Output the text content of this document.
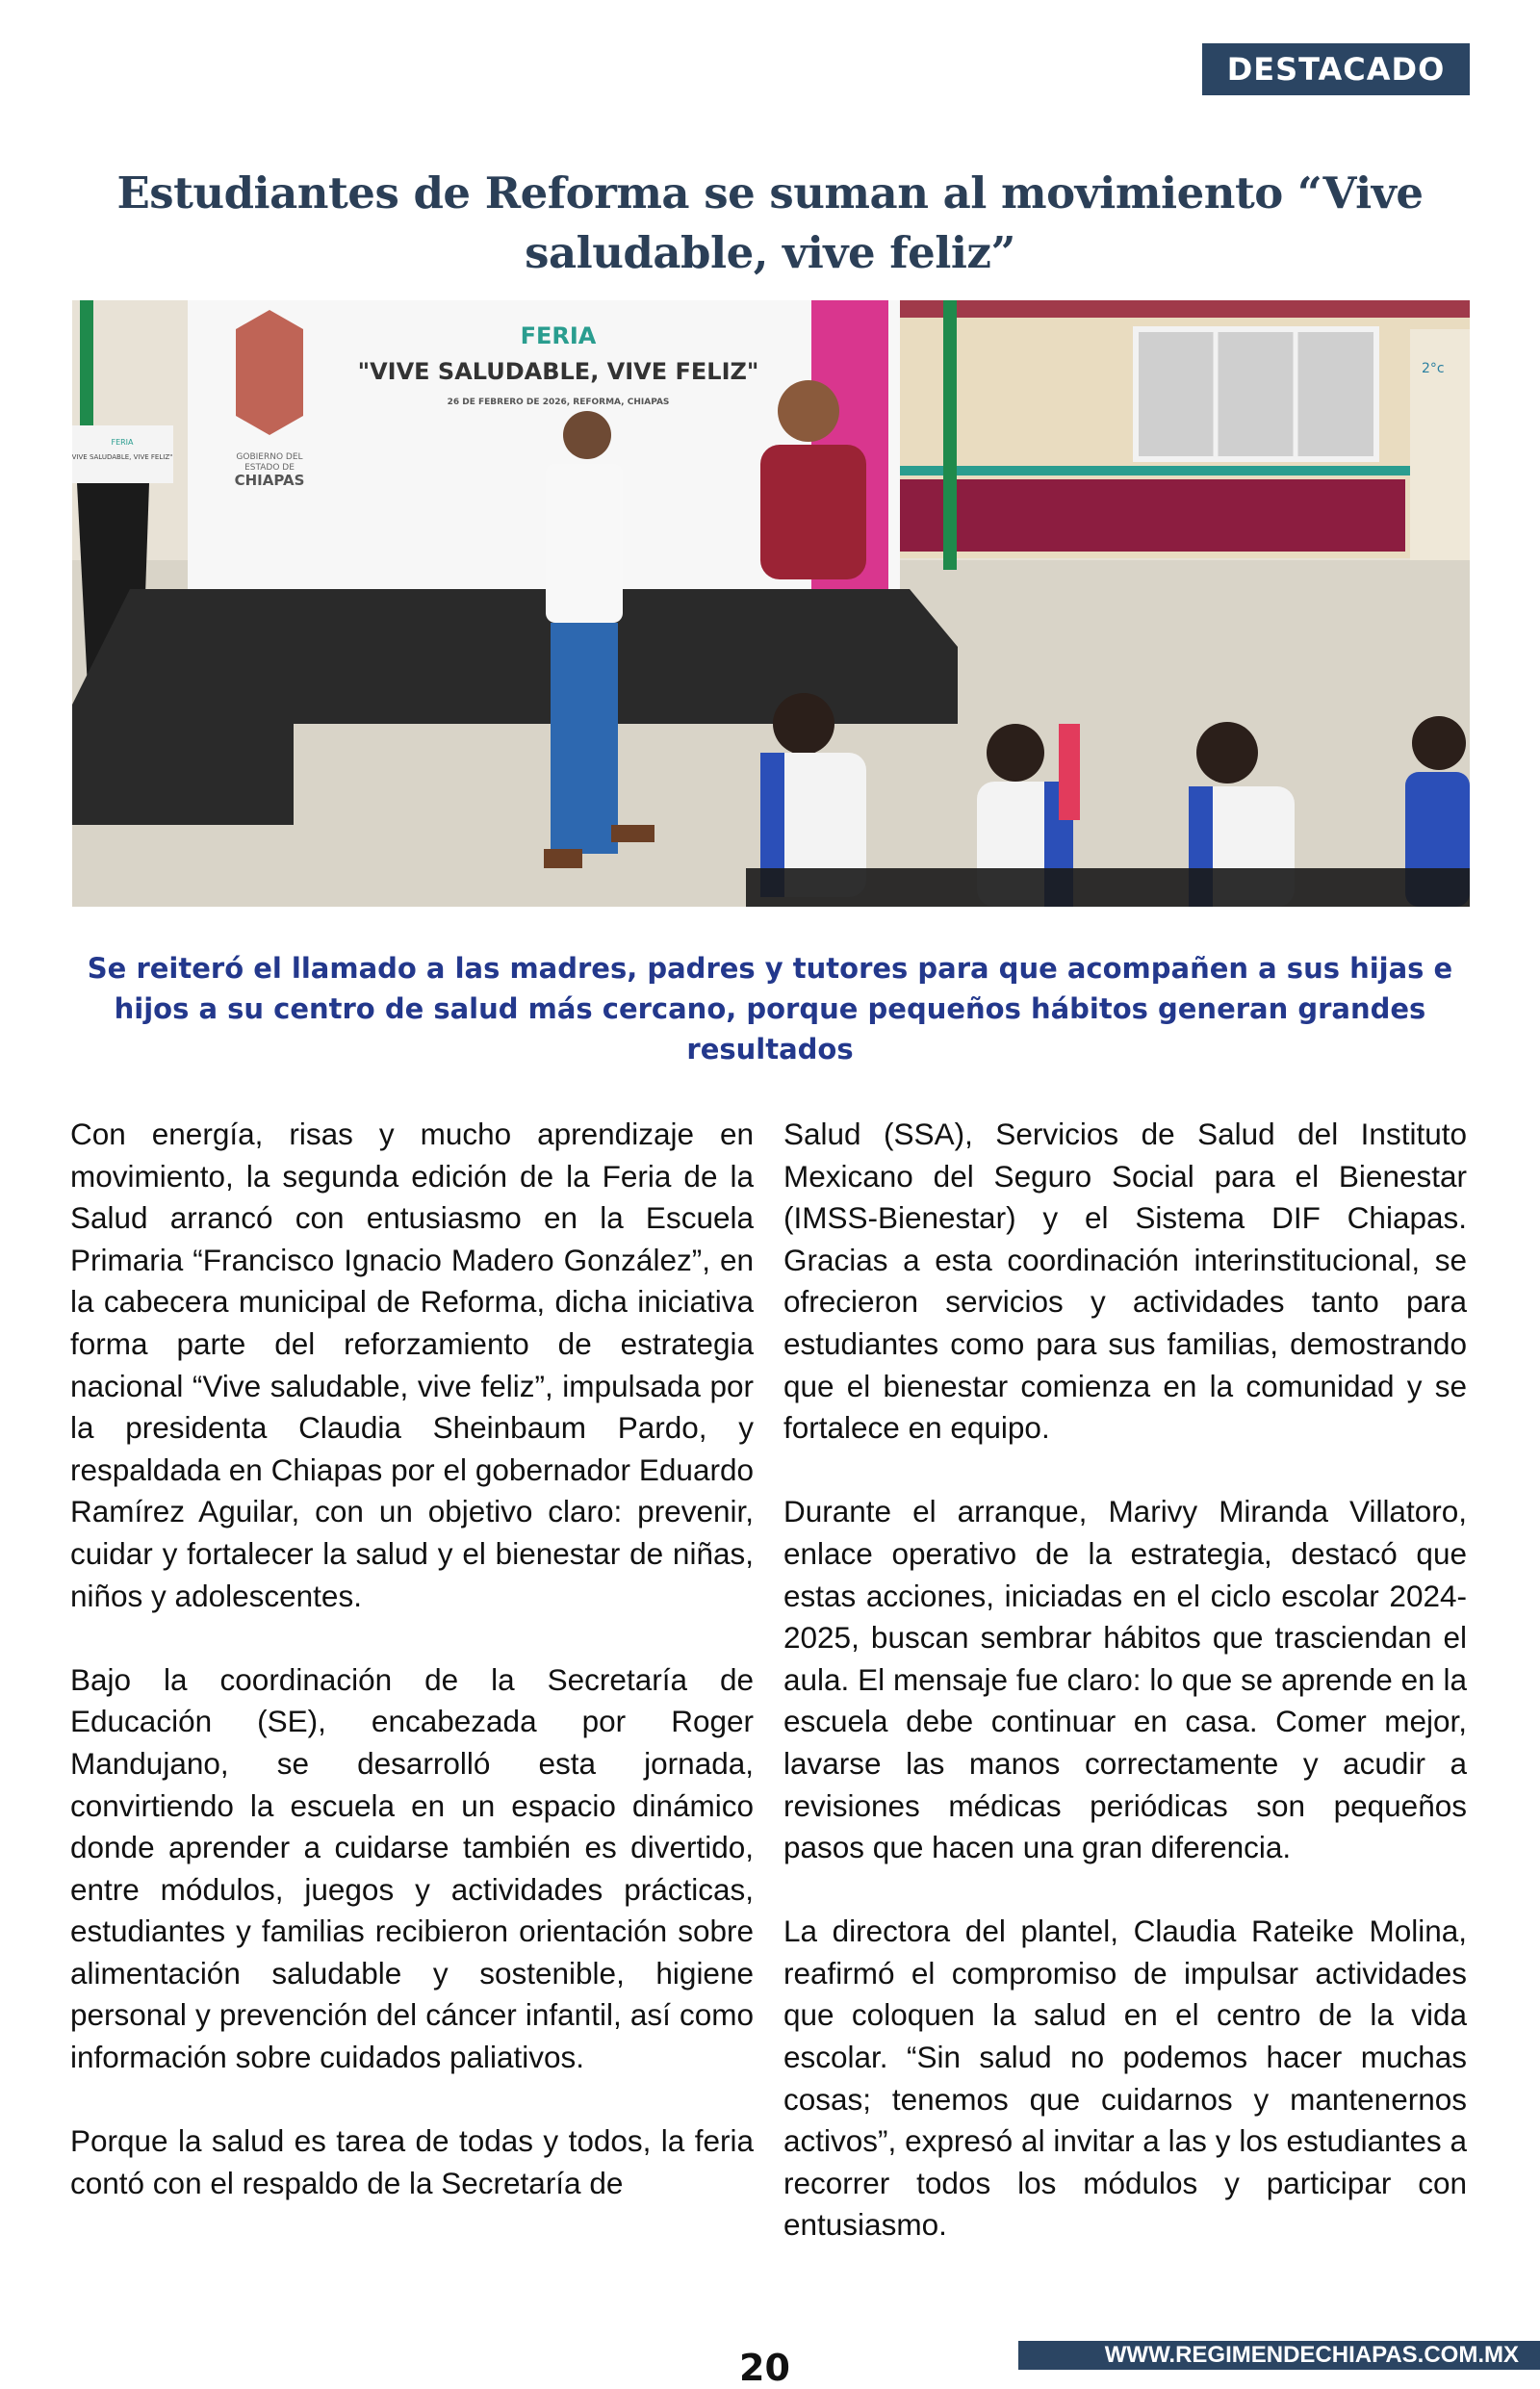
DESTACADO
Estudiantes de Reforma se suman al movimiento “Vive saludable, vive feliz”
2°c
GOBIERNO DEL
ESTADO DE
CHIAPAS
FERIA
"VIVE SALUDABLE, VIVE FELIZ"
26 DE FEBRERO DE 2026, REFORMA, CHIAPAS
FERIA
VIVE SALUDABLE, VIVE FELIZ"
Se reiteró el llamado a las madres, padres y tutores para que acompañen a sus hijas e hijos a su centro de salud más cercano, porque pequeños hábitos generan grandes resultados

Con energía, risas y mucho aprendizaje en movimiento, la segunda edición de la Feria de la Salud arrancó con entusiasmo en la Escuela Primaria “Francisco Ignacio Madero González”, en la cabecera municipal de Reforma, dicha iniciativa forma parte del reforzamiento de estrategia nacional “Vive saludable, vive feliz”, impulsada por la presidenta Claudia Sheinbaum Pardo, y respaldada en Chiapas por el gobernador Eduardo Ramírez Aguilar, con un objetivo claro: prevenir, cuidar y fortalecer la salud y el bienestar de niñas, niños y adolescentes.

Bajo la coordinación de la Secretaría de Educación (SE), encabezada por Roger Mandujano, se desarrolló esta jornada, convirtiendo la escuela en un espacio dinámico donde aprender a cuidarse también es divertido, entre módulos, juegos y actividades prácticas, estudiantes y familias recibieron orientación sobre alimentación saludable y sostenible, higiene personal y prevención del cáncer infantil, así como información sobre cuidados paliativos.

Porque la salud es tarea de todas y todos, la feria contó con el respaldo de la Secretaría de

Salud (SSA), Servicios de Salud del Instituto Mexicano del Seguro Social para el Bienestar (IMSS-Bienestar) y el Sistema DIF Chiapas. Gracias a esta coordinación interinstitucional, se ofrecieron servicios y actividades tanto para estudiantes como para sus familias, demostrando que el bienestar comienza en la comunidad y se fortalece en equipo.

Durante el arranque, Marivy Miranda Villatoro, enlace operativo de la estrategia, destacó que estas acciones, iniciadas en el ciclo escolar 2024-2025, buscan sembrar hábitos que trasciendan el aula. El mensaje fue claro: lo que se aprende en la escuela debe continuar en casa. Comer mejor, lavarse las manos correctamente y acudir a revisiones médicas periódicas son pequeños pasos que hacen una gran diferencia.

La directora del plantel, Claudia Rateike Molina, reafirmó el compromiso de impulsar actividades que coloquen la salud en el centro de la vida escolar. “Sin salud no podemos hacer muchas cosas; tenemos que cuidarnos y mantenernos activos”, expresó al invitar a las y los estudiantes a recorrer todos los módulos y participar con entusiasmo.

20	WWW.REGIMENDECHIAPAS.COM.MX
